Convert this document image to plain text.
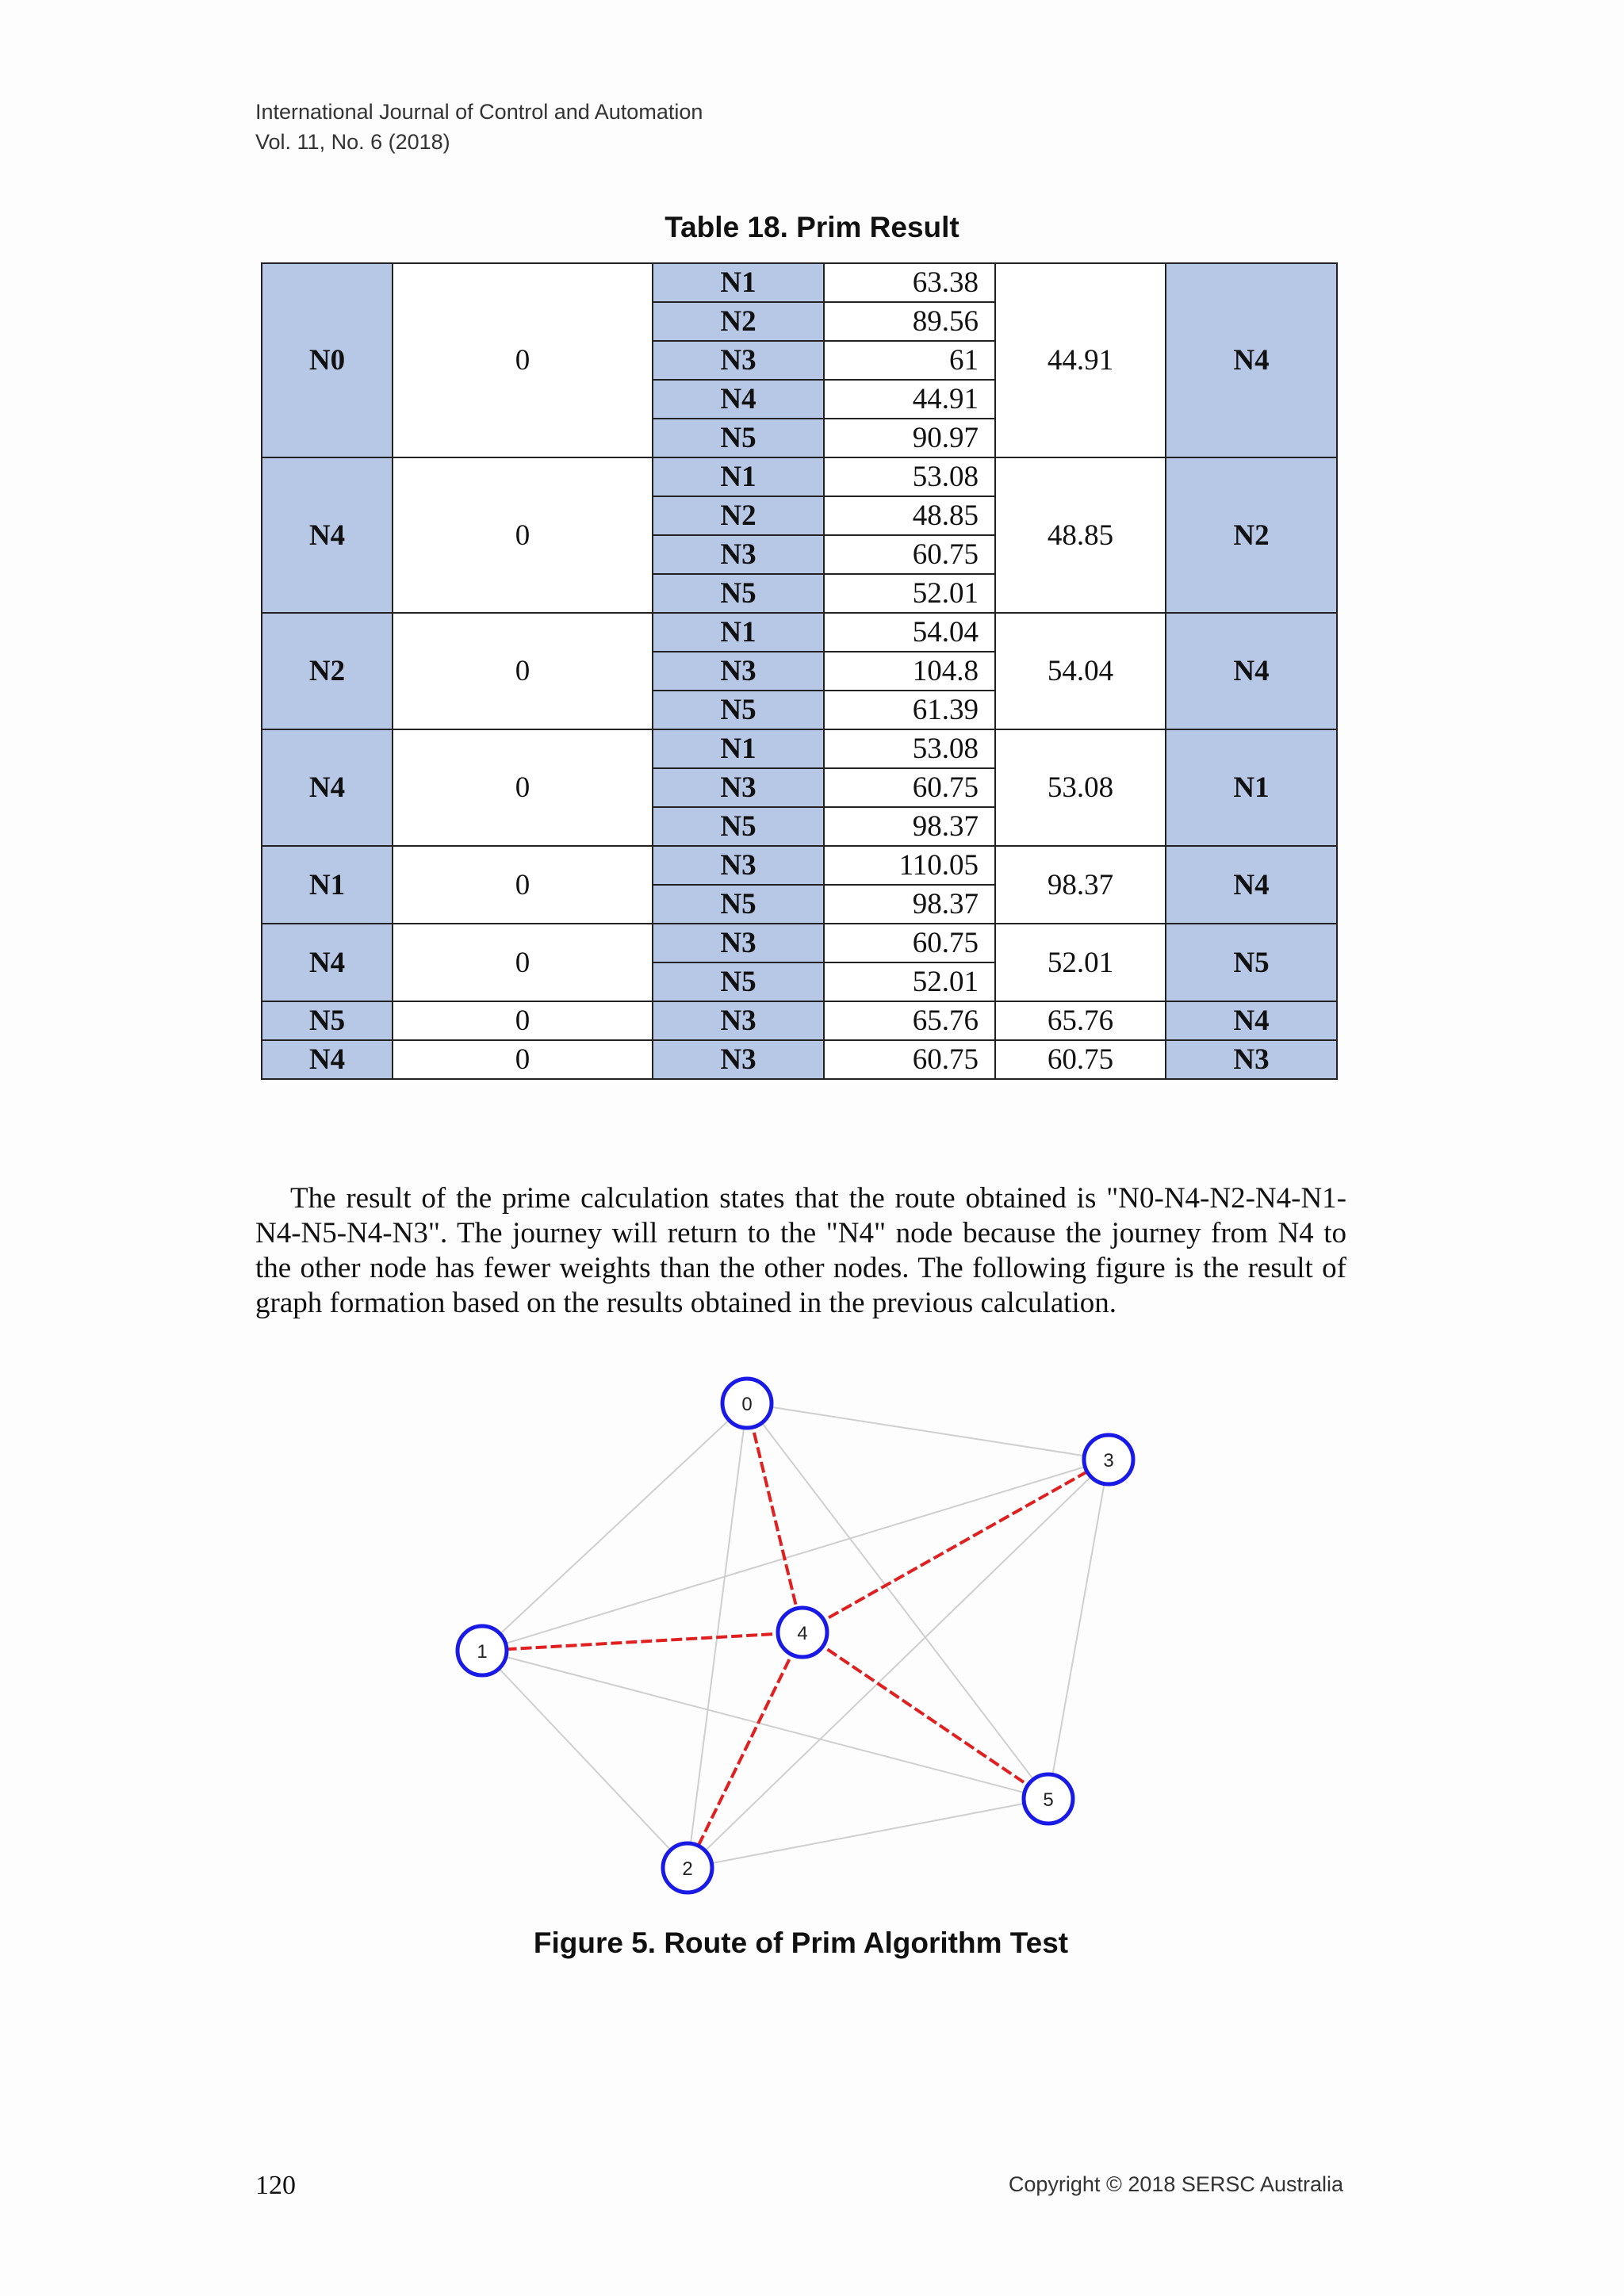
International Journal of Control and Automation
Vol. 11, No. 6 (2018)
Table 18. Prim Result
N0	0	N1	63.38	44.91	N4
		N2	89.56		
		N3	61		
		N4	44.91		
		N5	90.97		
N4	0	N1	53.08	48.85	N2
		N2	48.85		
		N3	60.75		
		N5	52.01		
N2	0	N1	54.04	54.04	N4
		N3	104.8		
		N5	61.39		
N4	0	N1	53.08	53.08	N1
		N3	60.75		
		N5	98.37		
N1	0	N3	110.05	98.37	N4
		N5	98.37		
N4	0	N3	60.75	52.01	N5
		N5	52.01		
N5	0	N3	65.76	65.76	N4
N4	0	N3	60.75	60.75	N3
The result of the prime calculation states that the route obtained is "N0-N4-N2-N4-N1-N4-N5-N4-N3". The journey will return to the "N4" node because the journey from N4 to the other node has fewer weights than the other nodes. The following figure is the result of graph formation based on the results obtained in the previous calculation.
0
1
2
3
4
5
Figure 5. Route of Prim Algorithm Test
120	Copyright © 2018 SERSC Australia
